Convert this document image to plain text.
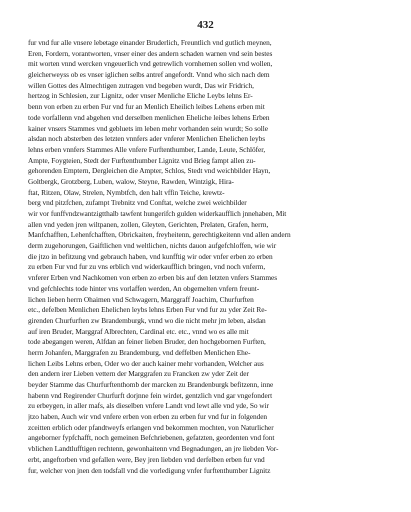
432
fur vnd fur alle vnsere lebetage einander Bruderlich, Freuntlich vnd gutlich meynen,
Eren, Fordern, vorantworten, vnser einer des andern schaden warnen vnd sein bestes
mit worten vnnd wercken vngeuerlich vnd getrewlich vornhemen sollen vnd wollen,
gleicherweyss ob es vnser iglichen selbs antref angefordt. Vnnd who sich nach dem
willen Gottes des Almechtigen zutragen vnd begeben wurdt, Das wir Fridrich,
hertzog in Schlesien, zur Lignitz, oder vnser Menliche Eliche Leybs lehns Er-
benn von erben zu erben Fur vnd fur an Menlich Eheilich leibes Lehens erben mit
tode vorfallenn vnd abgehen vnd derselben menlichen Eheliche leibes lehens Erben
kainer vnsers Stammes vnd gebluets im leben mehr vorhanden sein wurdt; So solle
alsdan noch absterben des letzten vnnfers ader vnferer Menlichen Ehelichen leybs
lehns erben vnnfers Stammes Alle vnfere Furftenthumber, Lande, Leute, Schlöfer,
Ampte, Foygteien, Stedt der Furftenthumber Lignitz vnd Brieg fampt allen zu-
gehorenden Emptern, Dergleichen die Ampter, Schlos, Stedt vnd weichbilder Hayn,
Goltbergk, Grotzberg, Luben, walow, Steyne, Rawden, Wintzigk, Hira-
ftat, Ritzen, Olaw, Strelen, Nymbtfch, den halt vffin Teiche, krewtz-
berg vnd pitzfchen, zufampt Trebnitz vnd Conftat, welche zwei weichbilder
wir vor funffvndzwantzigtthalb tawfent hungerifch gulden widerkaufflich jnnehaben, Mit
allen vnd yeden jren wiltpanen, zollen, Gleyten, Gerichten, Prelaten, Grafen, herrn,
Manfchafften, Lehenfchafften, Obrickaiten, freyheitenn, gerechtigkeitenn vnd allen andern
derm zugehorungen, Gaiftlichen vnd weltlichen, nichts dauon aufgefchloffen, wie wir
die jtzo in befitzung vnd gebrauch haben, vnd kunfftig wir oder vnfer erben zo erben
zu erben Fur vnd fur zu vns erblich vnd widerkaufflich bringen, vnd noch vnferm,
vnferer Erben vnd Nachkomen von erben zo erben bis auf den letzten vnfers Stammes
vnd gefchlechts tode hinter vns vorlaffen werden, An obgemelten vnfern freunt-
lichen lieben herrn Ohaimen vnd Schwagern, Marggraff Joachim, Churfurften
etc., defelben Menlichen Ehelichen leybs lehns Erben Fur vnd fur zu yder Zeit Re-
girenden Churfurften zw Brandemburgk, vnnd wo die nicht mehr jm leben, alsdan
auf iren Bruder, Marggraf Albrechten, Cardinal etc. etc., vnnd wo es alle mit
tode abegangen weren, Alfdan an feiner lieben Bruder, den hochgebornen Furften,
herrn Johanfen, Marggrafen zu Brandemburg, vnd deffelben Menlichen Ehe-
lichen Leibs Lehns erben, Oder wo der auch kainer mehr vorhanden, Welcher aus
den andern irer Lieben vettern der Marggrafen zu Francken zw yder Zeit der
beyder Stamme das Churfurftenthomb der marcken zu Brandenburgk befitzenn, inne
habenn vnd Regirender Churfurft dorjnne fein wirdet, gentzlich vnd gar vngefondert
zu erbeygen, in aller mafs, als dieselben vnfere Landt vnd lewt alle vnd yde, So wir
jtzo haben, Auch wir vnd vnfere erben von erben zu erben fur vnd fur in folgenden
zceitten erblich oder pfandtweyfs erlangen vnd bekommen mochten, von Naturlicher
angeborner fypfchafft, noch gemeinen Befchriebenen, gefatzten, geordenten vnd font
vblichen Landtlufftigen rechtenn, gewonhaitenn vnd Begnadungen, an jre liebden Vor-
erbt, angeftorben vnd gefallen were, Bey jren liebden vnd derfelben erben fur vnd
fur, welcher von jnen den todsfall vnd die vorledigung vnfer furftenthumber Lignitz
